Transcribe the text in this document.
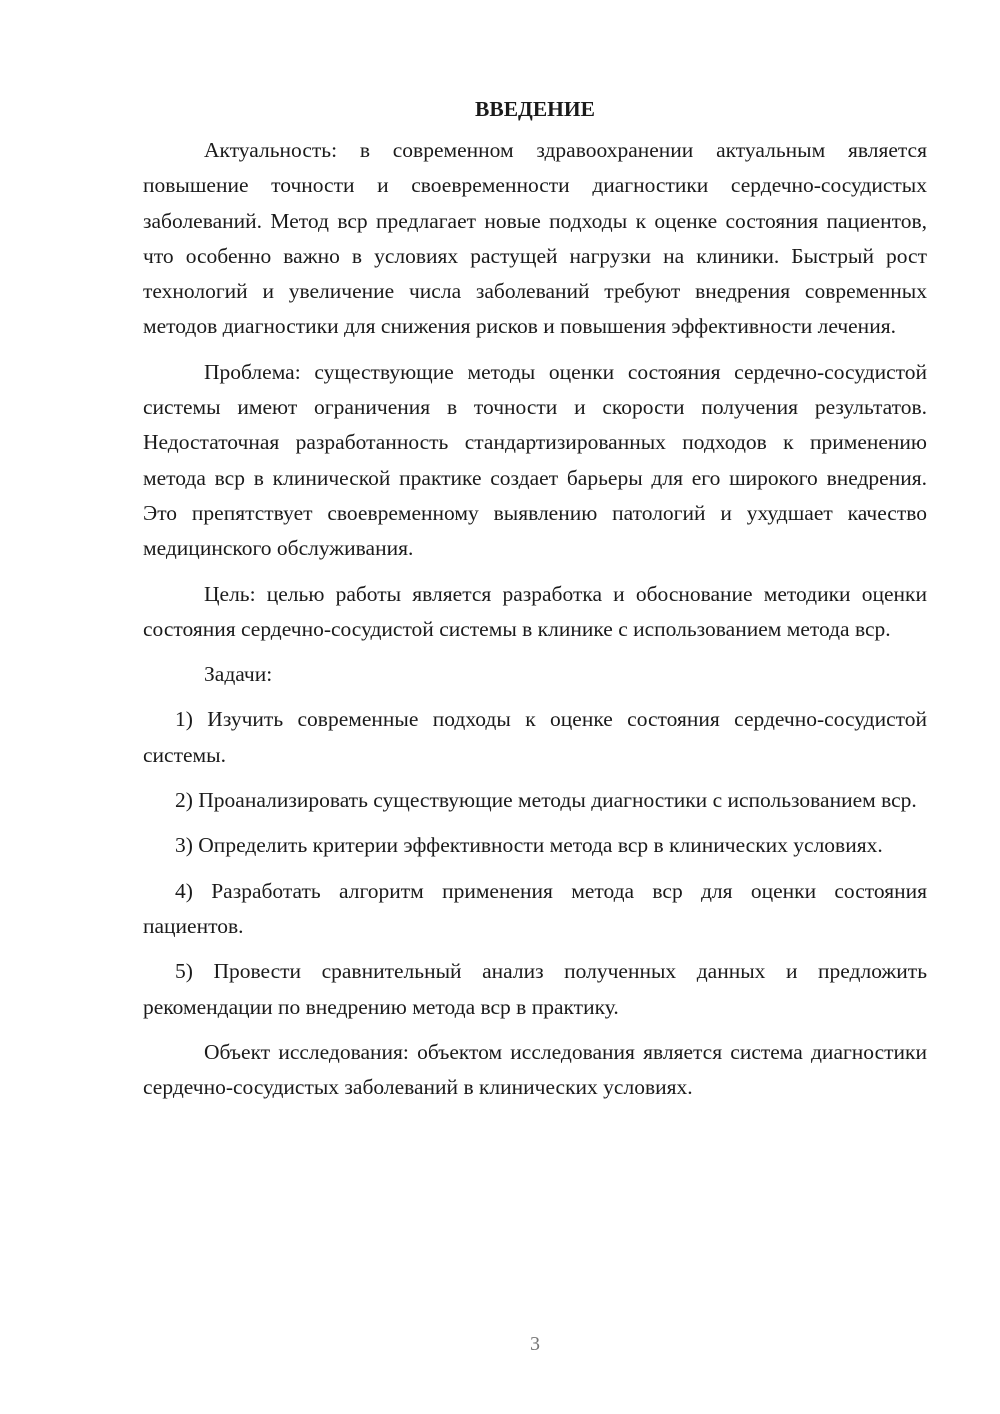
ВВЕДЕНИЕ

Актуальность: в современном здравоохранении актуальным является повышение точности и своевременности диагностики сердечно-сосудистых заболеваний. Метод вср предлагает новые подходы к оценке состояния пациентов, что особенно важно в условиях растущей нагрузки на клиники. Быстрый рост технологий и увеличение числа заболеваний требуют внедрения современных методов диагностики для снижения рисков и повышения эффективности лечения.

Проблема: существующие методы оценки состояния сердечно-сосудистой системы имеют ограничения в точности и скорости получения результатов. Недостаточная разработанность стандартизированных подходов к применению метода вср в клинической практике создает барьеры для его широкого внедрения. Это препятствует своевременному выявлению патологий и ухудшает качество медицинского обслуживания.

Цель: целью работы является разработка и обоснование методики оценки состояния сердечно-сосудистой системы в клинике с использованием метода вср.

Задачи:

1) Изучить современные подходы к оценке состояния сердечно-сосудистой системы.

2) Проанализировать существующие методы диагностики с использованием вср.

3) Определить критерии эффективности метода вср в клинических условиях.

4) Разработать алгоритм применения метода вср для оценки состояния пациентов.

5) Провести сравнительный анализ полученных данных и предложить рекомендации по внедрению метода вср в практику.

Объект исследования: объектом исследования является система диагностики сердечно-сосудистых заболеваний в клинических условиях.

3
